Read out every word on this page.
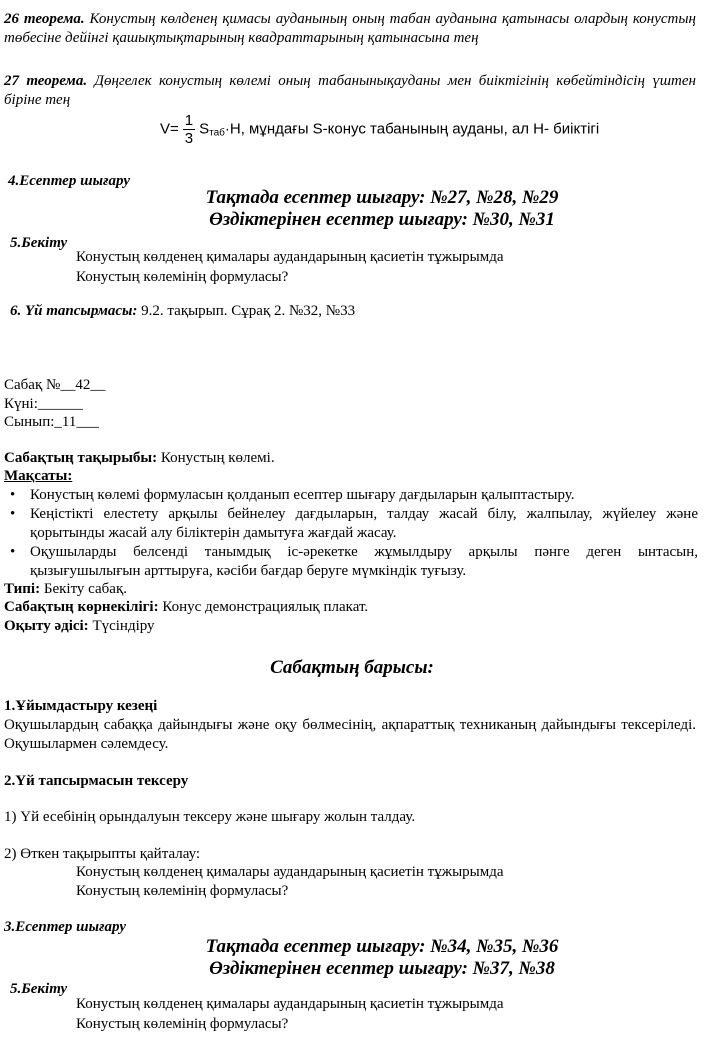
26 теорема. Конустың көлденең қимасы ауданының оның табан ауданына қатынасы олардың конустың төбесіне дейінгі қашықтықтарының квадраттарының қатынасына тең
27 теорема. Дөңгелек конустың көлемі оның табанынықауданы мен биіктігінің көбейтіндісің үштен біріне тең
$V= \frac{1}{3} S_{таб}\cdot H$, мұндағы S-конус табанының ауданы, ал H- биіктігі
4.Есептер шығару
Тақтада есептер шығару: №27, №28, №29
Өздіктерінен есептер шығару: №30, №31
5.Бекіту
Конустың көлденең қималары аудандарының қасиетін тұжырымда
Конустың көлемінің формуласы?
6. Үй тапсырмасы: 9.2. тақырып. Сұрақ 2. №32, №33
Сабақ №__42__
Күні:______
Сынып:_11___
Сабақтың тақырыбы: Конустың көлемі.
Мақсаты:
• Конустың көлемі формуласын қолданып есептер шығару дағдыларын қалыптастыру.
• Кеңістікті елестету арқылы бейнелеу дағдыларын, талдау жасай білу, жалпылау, жүйелеу және қорытынды жасай алу біліктерін дамытуға жағдай жасау.
• Оқушыларды белсенді танымдық іс-әрекетке жұмылдыру арқылы пәнге деген ынтасын, қызығушылығын арттыруға, кәсіби бағдар беруге мүмкіндік туғызу.
Типі: Бекіту сабақ.
Сабақтың көрнекілігі: Конус демонстрациялық плакат.
Оқыту әдісі: Түсіндіру
Сабақтың барысы:
1.Ұйымдастыру кезеңі
Оқушылардың сабаққа дайындығы және оқу бөлмесінің, ақпараттық техниканың дайындығы тексеріледі. Оқушылармен сәлемдесу.
2.Үй тапсырмасын тексеру
1) Үй есебінің орындалуын тексеру және шығару жолын талдау.
2) Өткен тақырыпты қайталау:
Конустың көлденең қималары аудандарының қасиетін тұжырымда
Конустың көлемінің формуласы?
3.Есептер шығару
Тақтада есептер шығару: №34, №35, №36
Өздіктерінен есептер шығару: №37, №38
5.Бекіту
Конустың көлденең қималары аудандарының қасиетін тұжырымда
Конустың көлемінің формуласы?
